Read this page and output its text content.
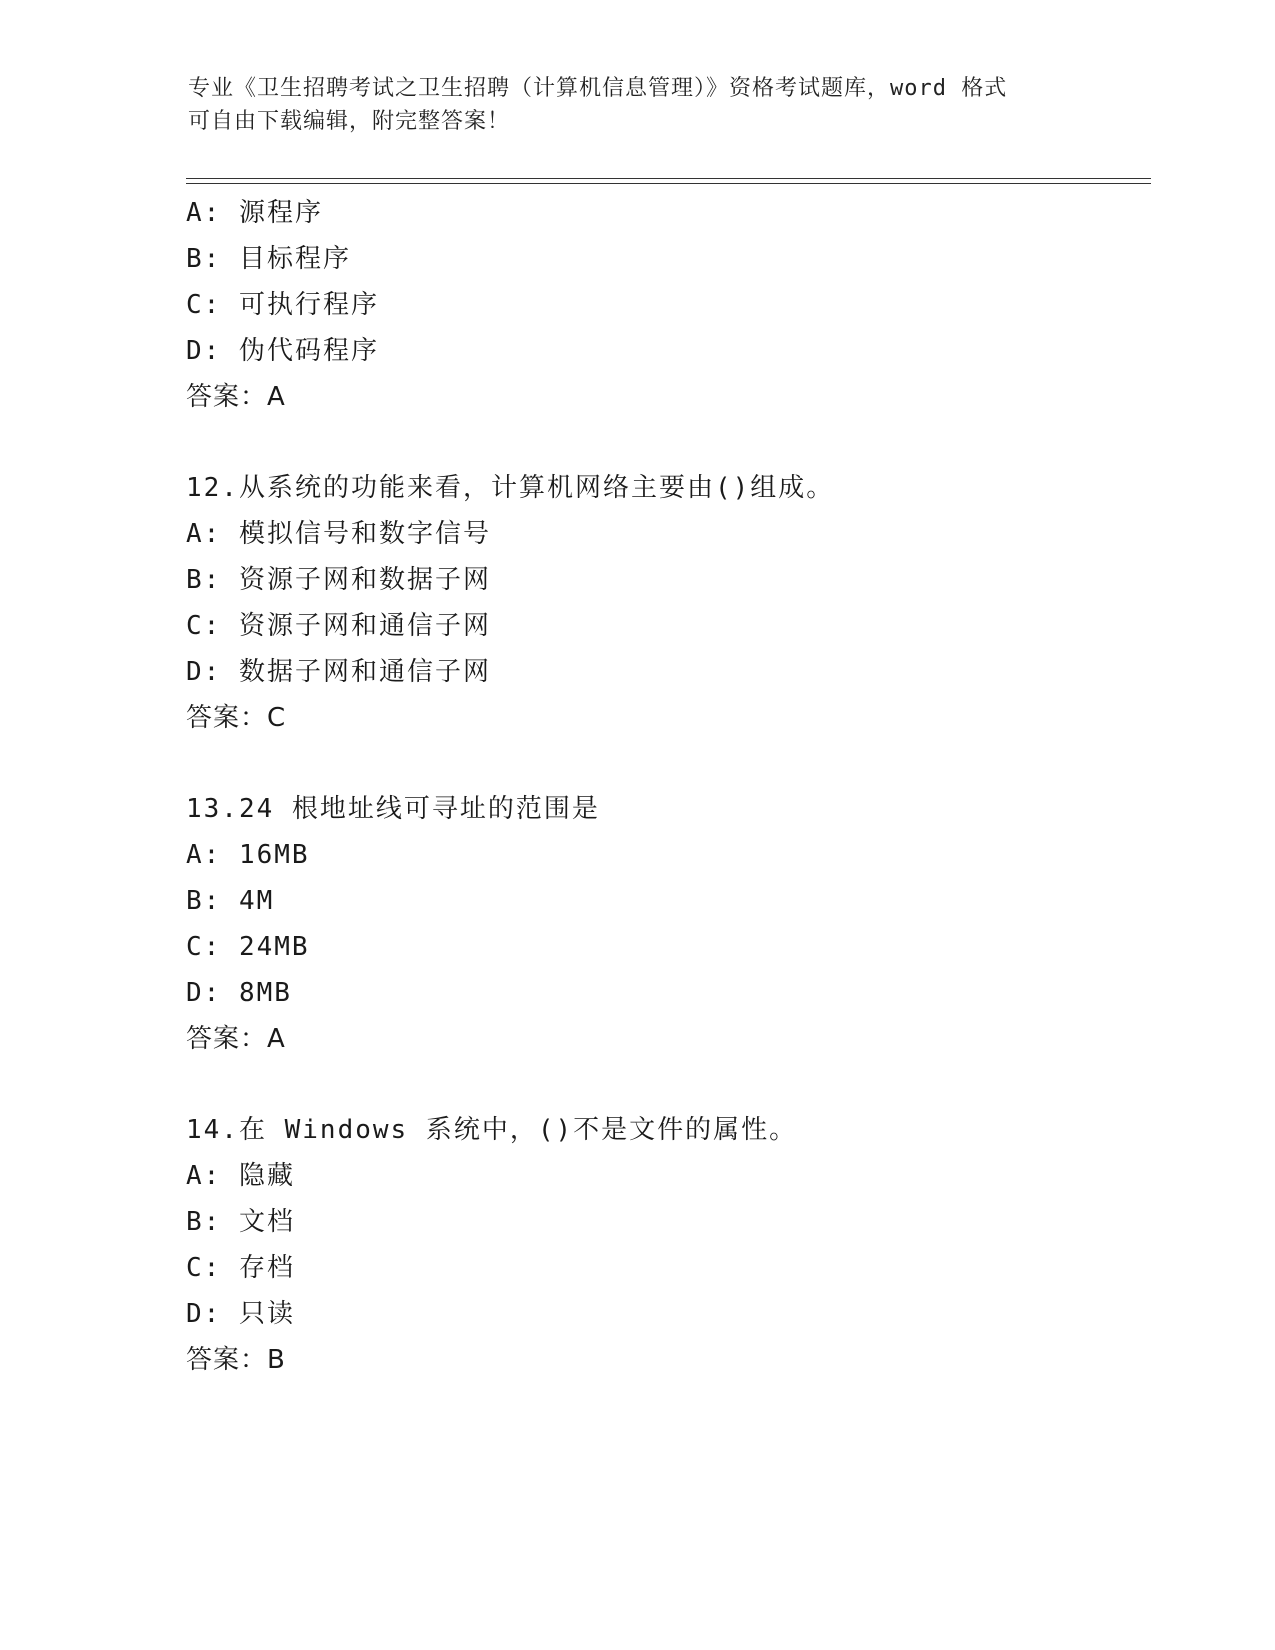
专业《卫生招聘考试之卫生招聘（计算机信息管理）》资格考试题库，word 格式
可自由下载编辑，附完整答案！
A: 源程序
B: 目标程序
C: 可执行程序
D: 伪代码程序
答案：A
12.从系统的功能来看，计算机网络主要由()组成。
A: 模拟信号和数字信号
B: 资源子网和数据子网
C: 资源子网和通信子网
D: 数据子网和通信子网
答案：C
13.24 根地址线可寻址的范围是
A: 16MB
B: 4M
C: 24MB
D: 8MB
答案：A
14.在 Windows 系统中，()不是文件的属性。
A: 隐藏
B: 文档
C: 存档
D: 只读
答案：B
